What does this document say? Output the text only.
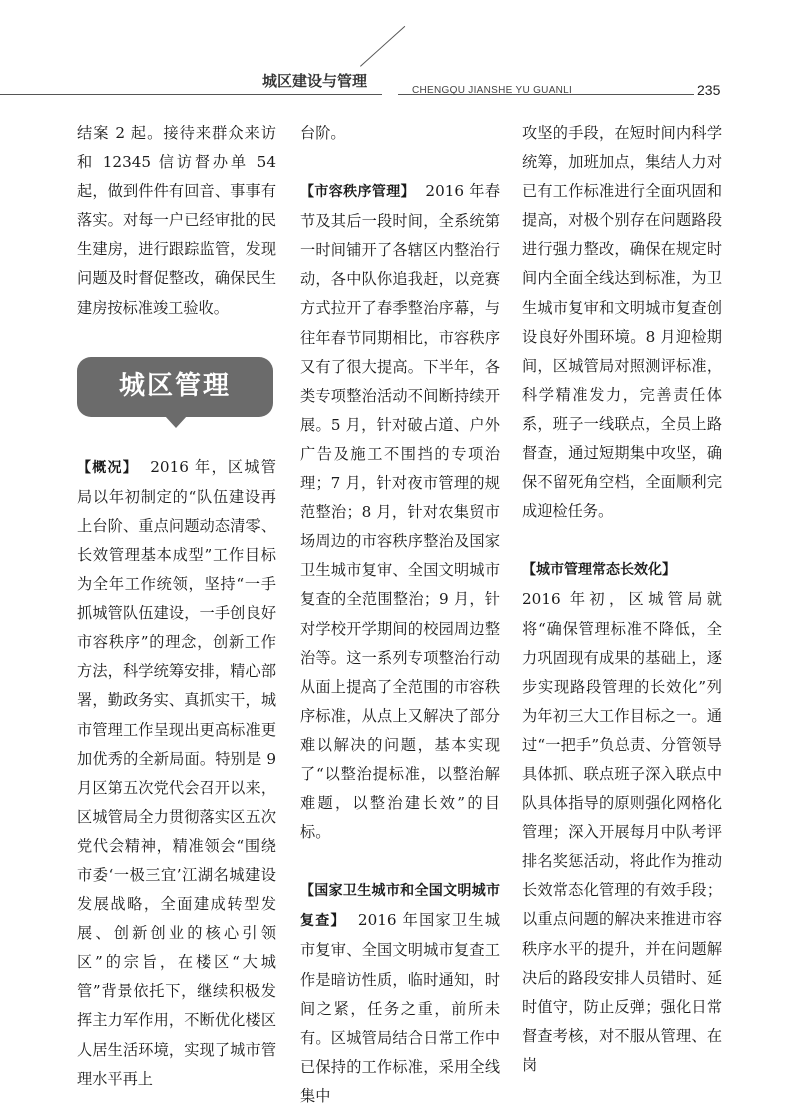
城区建设与管理
CHENGQU JIANSHE YU GUANLI	235

结案 2 起。接待来群众来访和 12345 信访督办单 54 起，做到件件有回音、事事有落实。对每一户已经审批的民生建房，进行跟踪监管，发现问题及时督促整改，确保民生建房按标准竣工验收。

城区管理

【概况】 2016 年，区城管局以年初制定的“队伍建设再上台阶、重点问题动态清零、长效管理基本成型”工作目标为全年工作统领，坚持“一手抓城管队伍建设，一手创良好市容秩序”的理念，创新工作方法，科学统筹安排，精心部署，勤政务实、真抓实干，城市管理工作呈现出更高标准更加优秀的全新局面。特别是 9 月区第五次党代会召开以来，区城管局全力贯彻落实区五次党代会精神，精准领会“围绕市委‘一极三宜’江湖名城建设发展战略，全面建成转型发展、创新创业的核心引领区”的宗旨，在楼区“大城管”背景依托下，继续积极发挥主力军作用，不断优化楼区人居生活环境，实现了城市管理水平再上

台阶。

【市容秩序管理】 2016 年春节及其后一段时间，全系统第一时间铺开了各辖区内整治行动，各中队你追我赶，以竞赛方式拉开了春季整治序幕，与往年春节同期相比，市容秩序又有了很大提高。下半年，各类专项整治活动不间断持续开展。5 月，针对破占道、户外广告及施工不围挡的专项治理；7 月，针对夜市管理的规范整治；8 月，针对农集贸市场周边的市容秩序整治及国家卫生城市复审、全国文明城市复查的全范围整治；9 月，针对学校开学期间的校园周边整治等。这一系列专项整治行动从面上提高了全范围的市容秩序标准，从点上又解决了部分难以解决的问题，基本实现了“以整治提标准，以整治解难题，以整治建长效”的目标。

【国家卫生城市和全国文明城市复查】 2016 年国家卫生城市复审、全国文明城市复查工作是暗访性质，临时通知，时间之紧，任务之重，前所未有。区城管局结合日常工作中已保持的工作标准，采用全线集中

攻坚的手段，在短时间内科学统筹，加班加点，集结人力对已有工作标准进行全面巩固和提高，对极个别存在问题路段进行强力整改，确保在规定时间内全面全线达到标准，为卫生城市复审和文明城市复查创设良好外围环境。8 月迎检期间，区城管局对照测评标准，科学精准发力，完善责任体系，班子一线联点，全员上路督查，通过短期集中攻坚，确保不留死角空档，全面顺利完成迎检任务。

【城市管理常态长效化】

2016 年初，区城管局就将“确保管理标准不降低，全力巩固现有成果的基础上，逐步实现路段管理的长效化”列为年初三大工作目标之一。通过“一把手”负总责、分管领导具体抓、联点班子深入联点中队具体指导的原则强化网格化管理；深入开展每月中队考评排名奖惩活动，将此作为推动长效常态化管理的有效手段；以重点问题的解决来推进市容秩序水平的提升，并在问题解决后的路段安排人员错时、延时值守，防止反弹；强化日常督查考核，对不服从管理、在岗
